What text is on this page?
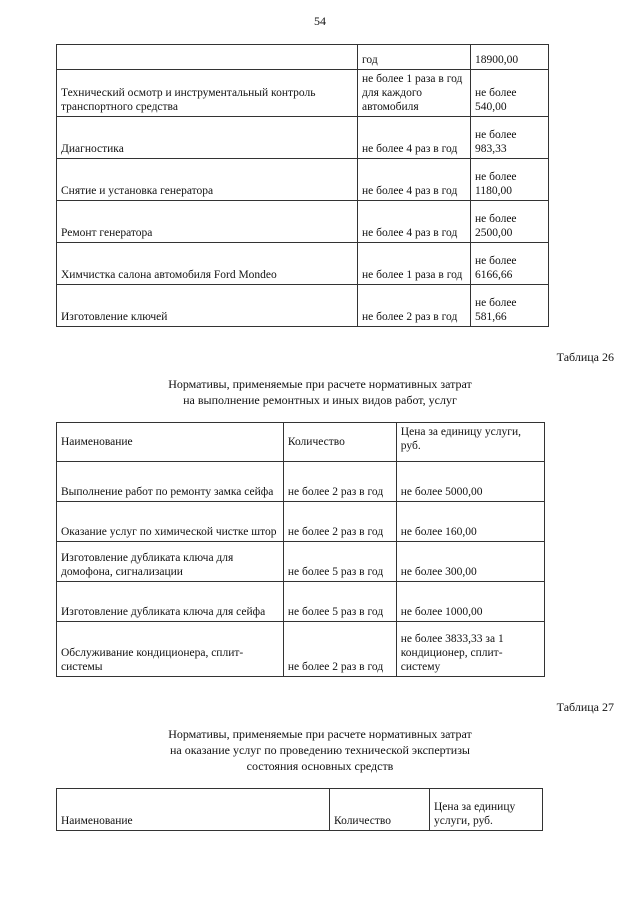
54
	год	18900,00
Технический осмотр и инструментальный контроль транспортного средства	не более 1 раза в год для каждого автомобиля	не более 540,00
Диагностика	не более 4 раз в год	не более 983,33
Снятие и установка генератора	не более 4 раз в год	не более 1180,00
Ремонт генератора	не более 4 раз в год	не более 2500,00
Химчистка салона автомобиля Ford Mondeo	не более 1 раза в год	не более 6166,66
Изготовление ключей	не более 2 раз в год	не более 581,66
Таблица 26
Нормативы, применяемые при расчете нормативных затрат
на выполнение ремонтных и иных видов работ, услуг
Наименование	Количество	Цена за единицу услуги, руб.
Выполнение работ по ремонту замка сейфа	не более 2 раз в год	не более 5000,00
Оказание услуг по химической чистке штор	не более 2 раз в год	не более 160,00
Изготовление дубликата ключа для домофона, сигнализации	не более 5 раз в год	не более 300,00
Изготовление дубликата ключа для сейфа	не более 5 раз в год	не более 1000,00
Обслуживание кондиционера, сплит-системы	не более 2 раз в год	не более 3833,33 за 1 кондиционер, сплит-систему
Таблица 27
Нормативы, применяемые при расчете нормативных затрат
на оказание услуг по проведению технической экспертизы
состояния основных средств
Наименование	Количество	Цена за единицу услуги, руб.
